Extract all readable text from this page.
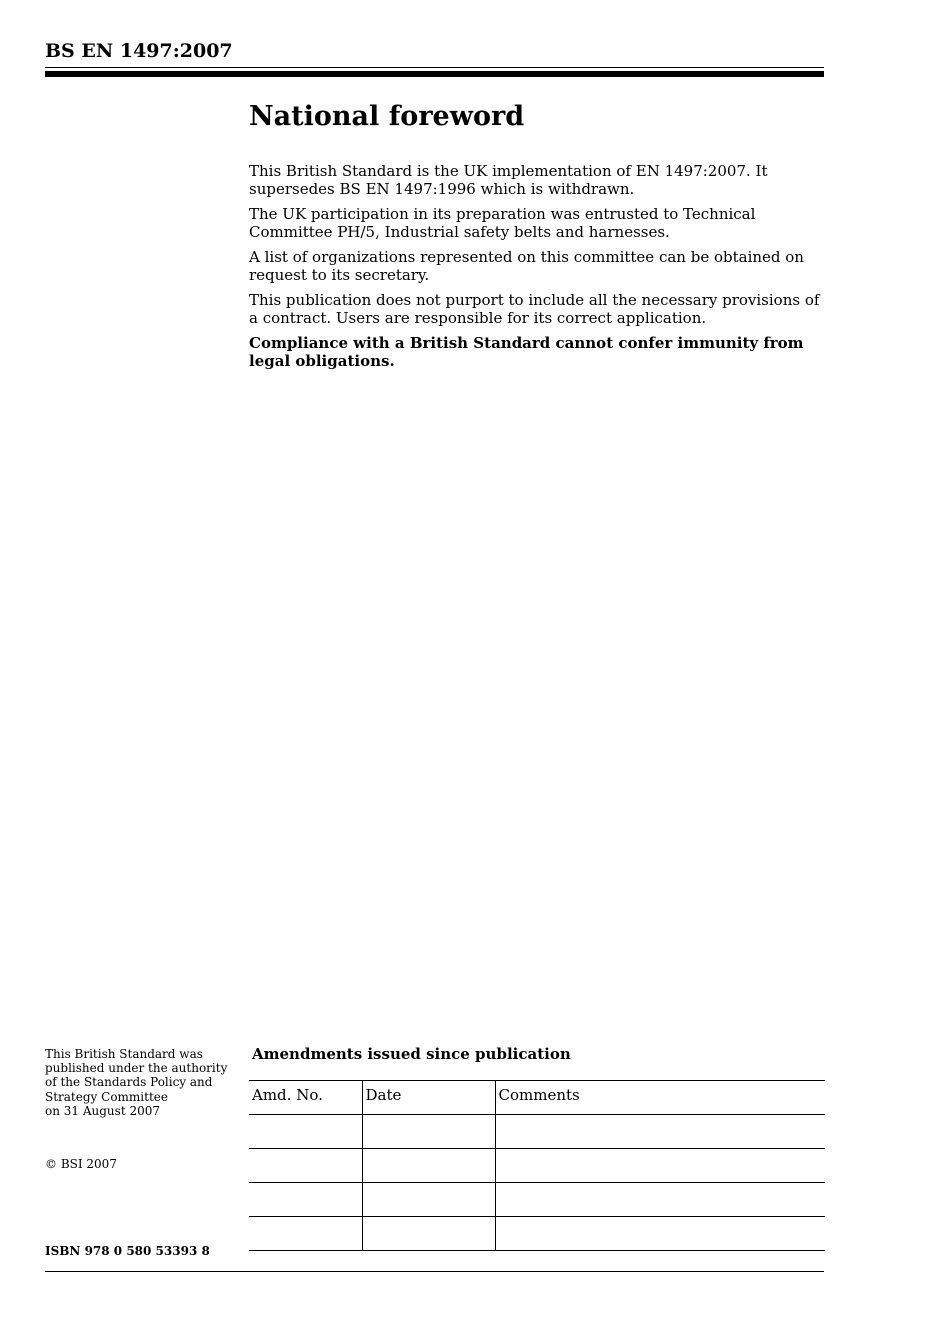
BS EN 1497:2007
National foreword

This British Standard is the UK implementation of EN 1497:2007. It supersedes BS EN 1497:1996 which is withdrawn.

The UK participation in its preparation was entrusted to Technical Committee PH/5, Industrial safety belts and harnesses.

A list of organizations represented on this committee can be obtained on request to its secretary.

This publication does not purport to include all the necessary provisions of a contract. Users are responsible for its correct application.

Compliance with a British Standard cannot confer immunity from legal obligations.

This British Standard was
published under the authority
of the Standards Policy and
Strategy Committee
on 31 August 2007
© BSI 2007
ISBN 978 0 580 53393 8
Amendments issued since publication
Amd. No.	Date	Comments
